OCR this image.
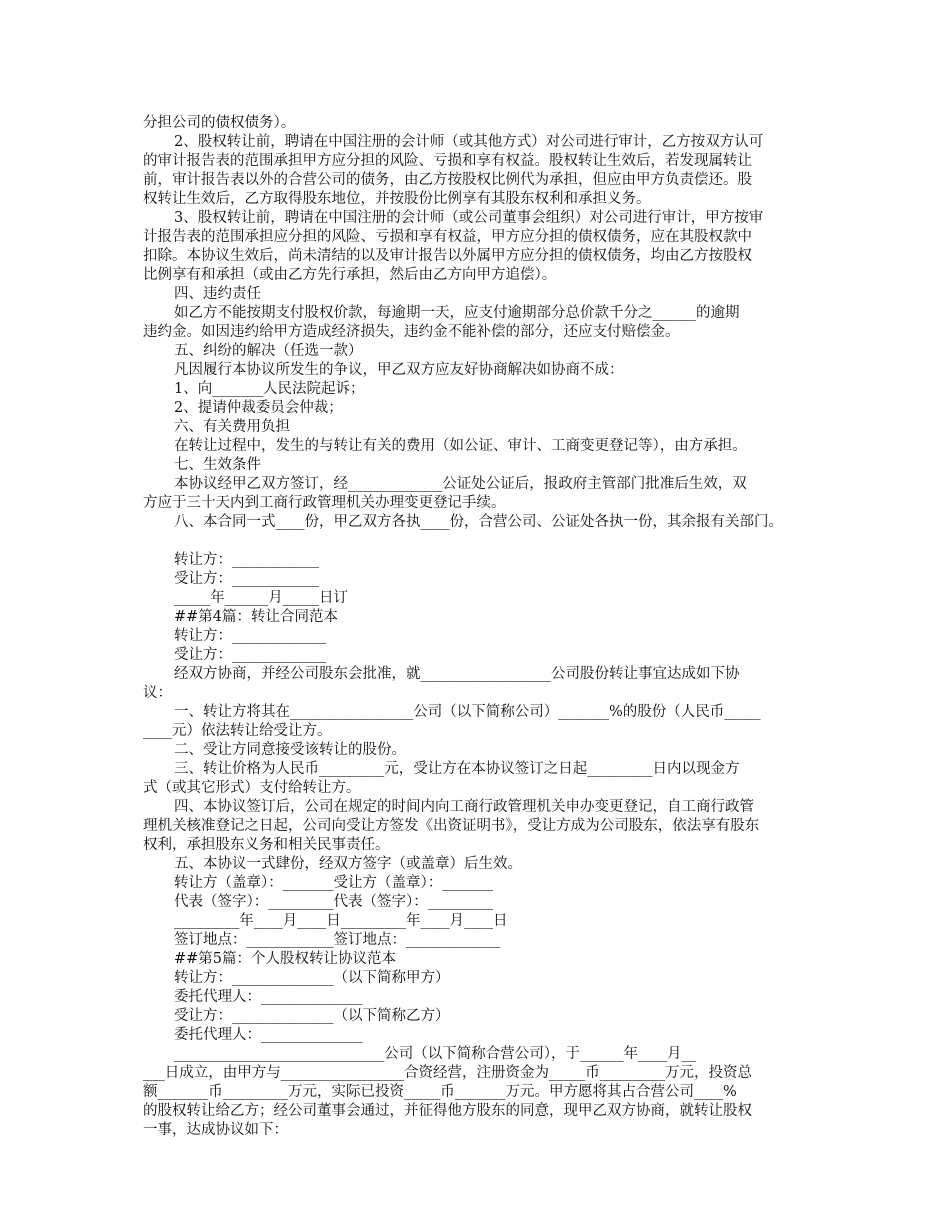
分担公司的债权债务）。
2、股权转让前，聘请在中国注册的会计师（或其他方式）对公司进行审计，乙方按双方认可
的审计报告表的范围承担甲方应分担的风险、亏损和享有权益。股权转让生效后，若发现属转让
前，审计报告表以外的合营公司的债务，由乙方按股权比例代为承担，但应由甲方负责偿还。股
权转让生效后，乙方取得股东地位，并按股份比例享有其股东权利和承担义务。
3、股权转让前，聘请在中国注册的会计师（或公司董事会组织）对公司进行审计，甲方按审
计报告表的范围承担应分担的风险、亏损和享有权益，甲方应分担的债权债务，应在其股权款中
扣除。本协议生效后，尚未清结的以及审计报告以外属甲方应分担的债权债务，均由乙方按股权
比例享有和承担（或由乙方先行承担，然后由乙方向甲方追偿）。
四、违约责任
如乙方不能按期支付股权价款，每逾期一天，应支付逾期部分总价款千分之______的逾期
违约金。如因违约给甲方造成经济损失，违约金不能补偿的部分，还应支付赔偿金。
五、纠纷的解决（任选一款）
凡因履行本协议所发生的争议，甲乙双方应友好协商解决如协商不成：
1、向_______人民法院起诉；
2、提请仲裁委员会仲裁；
六、有关费用负担
在转让过程中，发生的与转让有关的费用（如公证、审计、工商变更登记等），由方承担。
七、生效条件
本协议经甲乙双方签订，经_____________公证处公证后，报政府主管部门批准后生效，双
方应于三十天内到工商行政管理机关办理变更登记手续。
八、本合同一式____份，甲乙双方各执____份，合营公司、公证处各执一份，其余报有关部门。
转让方：____________
受让方：____________
_____年______月_____日订
##第4篇：转让合同范本
转让方：_____________
受让方：_____________
经双方协商，并经公司股东会批准，就__________________公司股份转让事宜达成如下协
议：
一、转让方将其在_________________公司（以下简称公司）_______%的股份（人民币_____
____元）依法转让给受让方。
二、受让方同意接受该转让的股份。
三、转让价格为人民币_________元，受让方在本协议签订之日起_________日内以现金方
式（或其它形式）支付给转让方。
四、本协议签订后，公司在规定的时间内向工商行政管理机关申办变更登记，自工商行政管
理机关核准登记之日起，公司向受让方签发《出资证明书》，受让方成为公司股东，依法享有股东
权利，承担股东义务和相关民事责任。
五、本协议一式肆份，经双方签字（或盖章）后生效。
转让方（盖章）：_______受让方（盖章）：_______
代表（签字）：_________代表（签字）：_________
_________年____月____日_________年____月____日
签订地点：____________签订地点：_____________
##第5篇：个人股权转让协议范本
转让方：______________（以下简称甲方）
委托代理人：______________
受让方：______________（以下简称乙方）
委托代理人：______________
_____________________________公司（以下简称合营公司），于______年____月__
___日成立，由甲方与_________________合资经营，注册资金为_____币_________万元，投资总
额_______币_________万元，实际已投资_____币_______万元。甲方愿将其占合营公司____%
的股权转让给乙方；经公司董事会通过，并征得他方股东的同意，现甲乙双方协商，就转让股权
一事，达成协议如下：
